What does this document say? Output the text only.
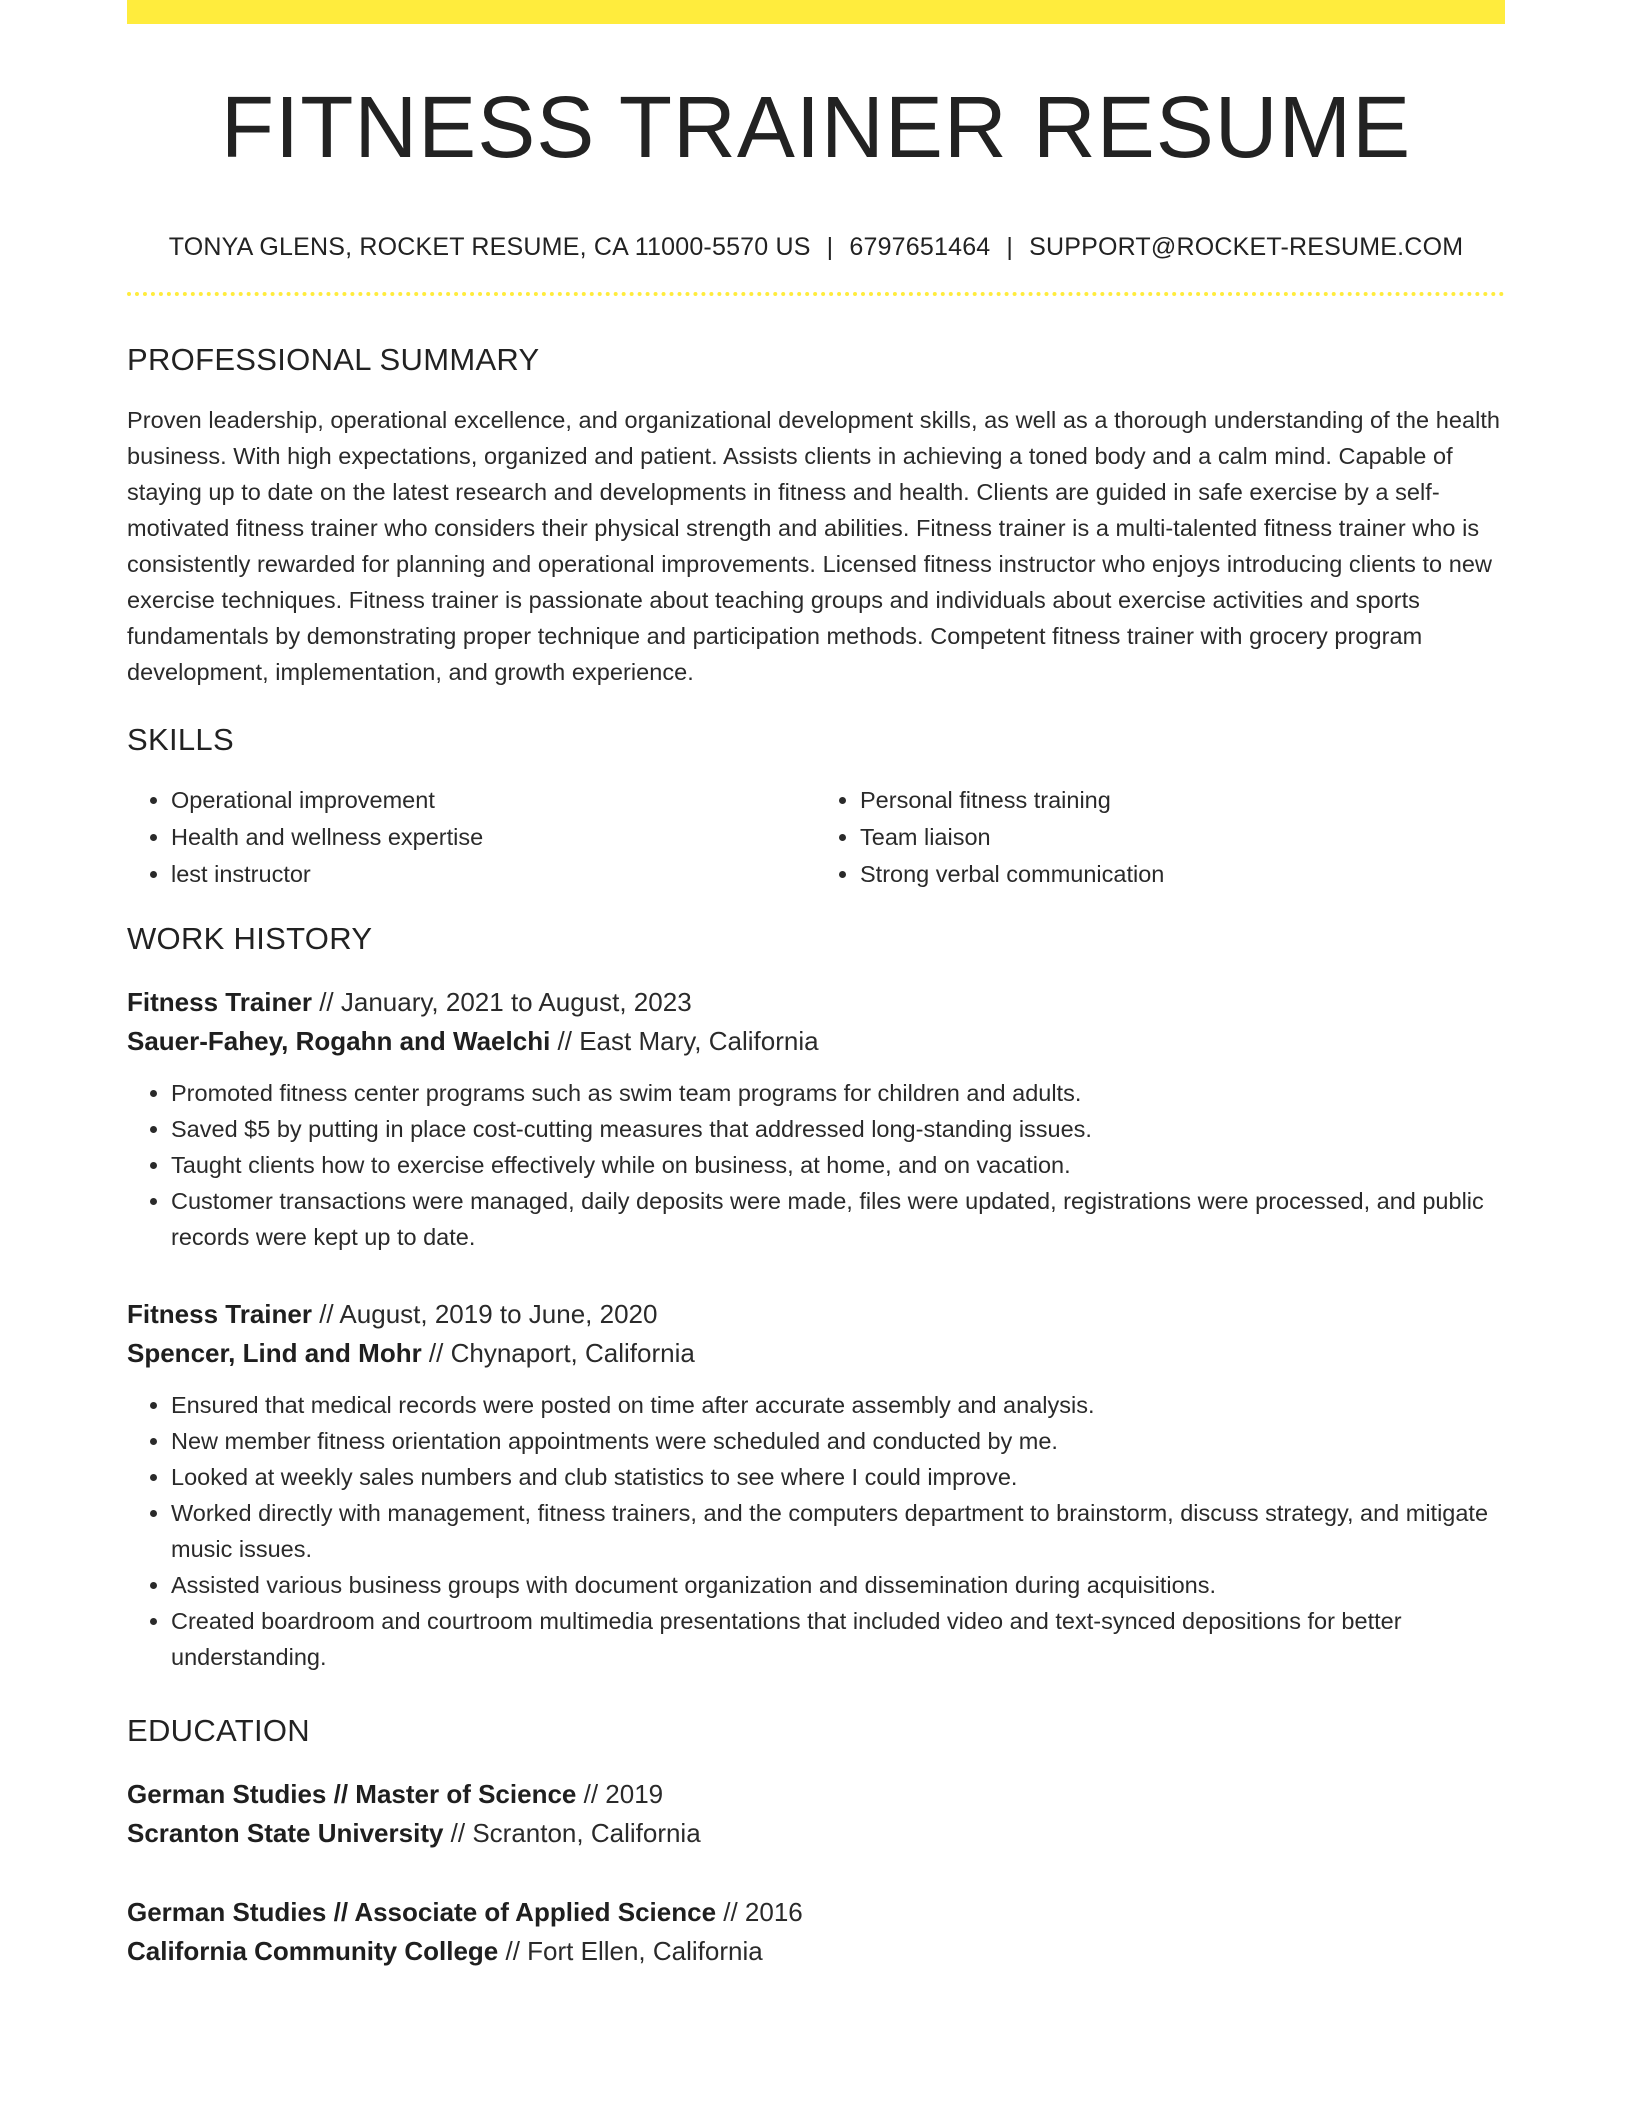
FITNESS TRAINER RESUME
TONYA GLENS, ROCKET RESUME, CA 11000-5570 US | 6797651464 | SUPPORT@ROCKET-RESUME.COM
PROFESSIONAL SUMMARY

Proven leadership, operational excellence, and organizational development skills, as well as a thorough understanding of the health business. With high expectations, organized and patient. Assists clients in achieving a toned body and a calm mind. Capable of staying up to date on the latest research and developments in fitness and health. Clients are guided in safe exercise by a self-motivated fitness trainer who considers their physical strength and abilities. Fitness trainer is a multi-talented fitness trainer who is consistently rewarded for planning and operational improvements. Licensed fitness instructor who enjoys introducing clients to new exercise techniques. Fitness trainer is passionate about teaching groups and individuals about exercise activities and sports fundamentals by demonstrating proper technique and participation methods. Competent fitness trainer with grocery program development, implementation, and growth experience.

SKILLS
• Operational improvement
• Health and wellness expertise
• lest instructor
• Personal fitness training
• Team liaison
• Strong verbal communication
WORK HISTORY
Fitness Trainer // January, 2021 to August, 2023
Sauer-Fahey, Rogahn and Waelchi // East Mary, California
• Promoted fitness center programs such as swim team programs for children and adults.
• Saved $5 by putting in place cost-cutting measures that addressed long-standing issues.
• Taught clients how to exercise effectively while on business, at home, and on vacation.
• Customer transactions were managed, daily deposits were made, files were updated, registrations were processed, and public records were kept up to date.
Fitness Trainer // August, 2019 to June, 2020
Spencer, Lind and Mohr // Chynaport, California
• Ensured that medical records were posted on time after accurate assembly and analysis.
• New member fitness orientation appointments were scheduled and conducted by me.
• Looked at weekly sales numbers and club statistics to see where I could improve.
• Worked directly with management, fitness trainers, and the computers department to brainstorm, discuss strategy, and mitigate music issues.
• Assisted various business groups with document organization and dissemination during acquisitions.
• Created boardroom and courtroom multimedia presentations that included video and text-synced depositions for better understanding.
EDUCATION
German Studies // Master of Science // 2019
Scranton State University // Scranton, California
German Studies // Associate of Applied Science // 2016
California Community College // Fort Ellen, California
